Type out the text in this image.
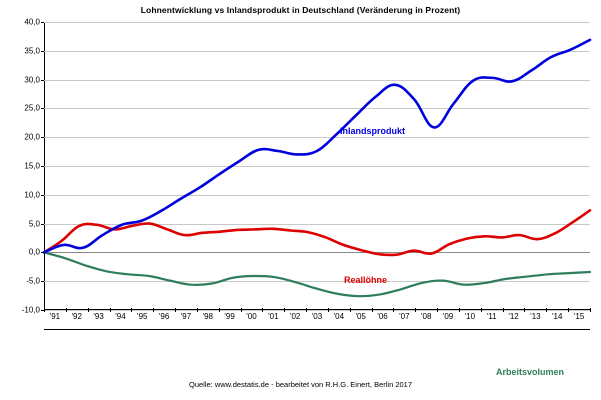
Lohnentwicklung vs Inlandsprodukt in Deutschland (Veränderung in Prozent)
40,0
35,0
30,0
25,0
20,0
15,0
10,0
5,0
0,0
-5,0
-10,0
Inlandsprodukt
Reallöhne
Arbeitsvolumen
'91 '92 '93 '94 '95 '96 '97 '98 '99 '00 '01 '02 '03 '04 '05 '06 '07 '08 '09 '10 '11 '12 '13 '14 '15
Quelle: www.destatis.de - bearbeitet von R.H.G. Einert, Berlin 2017
